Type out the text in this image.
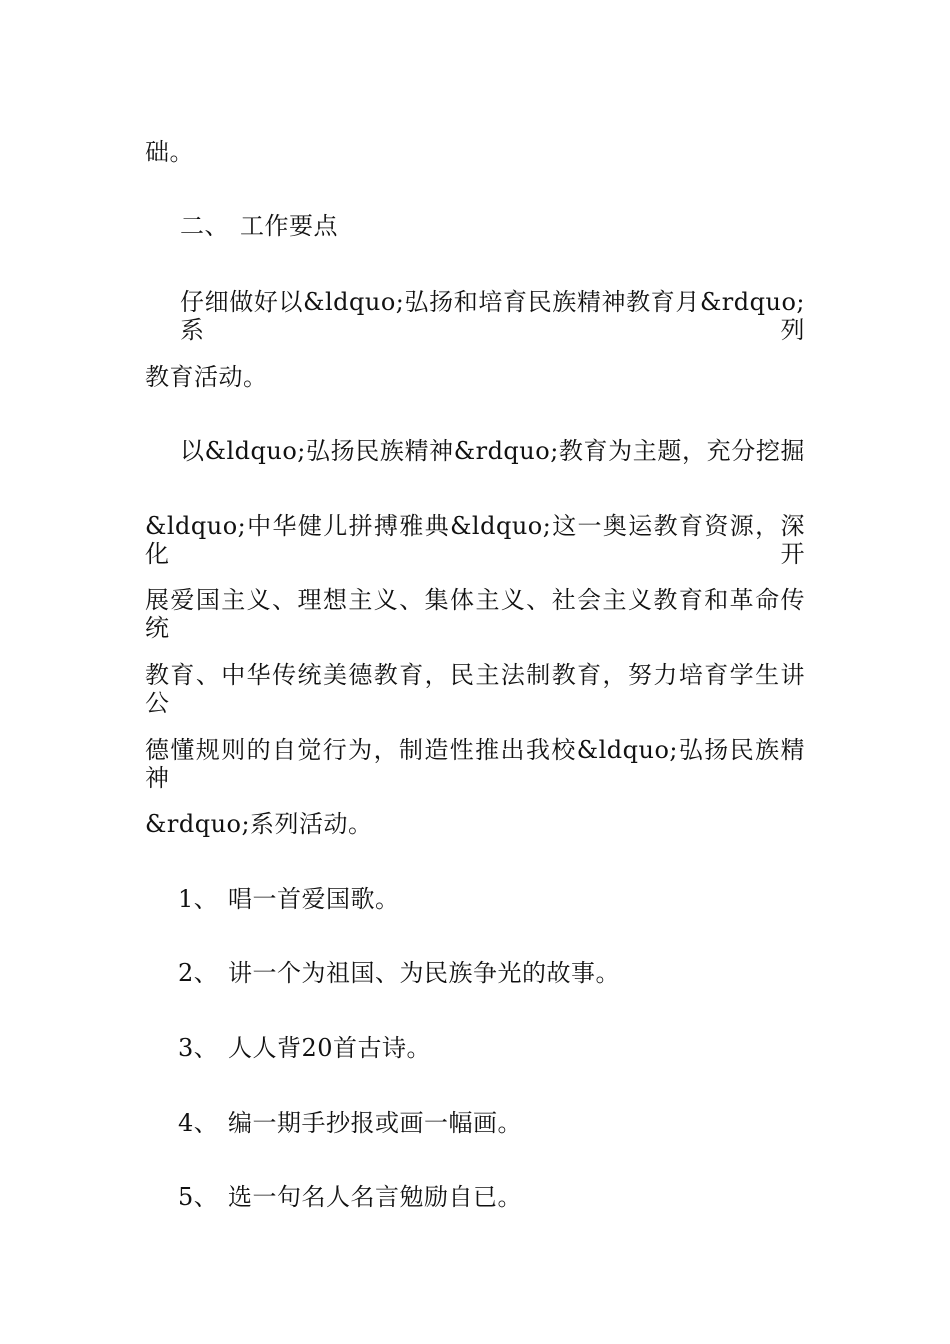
础。
二、 工作要点
仔细做好以&ldquo;弘扬和培育民族精神教育月&rdquo;系列
教育活动。
以&ldquo;弘扬民族精神&rdquo;教育为主题，充分挖掘
&ldquo;中华健儿拼搏雅典&ldquo;这一奥运教育资源，深化开
展爱国主义、理想主义、集体主义、社会主义教育和革命传统
教育、中华传统美德教育，民主法制教育，努力培育学生讲公
德懂规则的自觉行为，制造性推出我校&ldquo;弘扬民族精神
&rdquo;系列活动。
1、 唱一首爱国歌。
2、 讲一个为祖国、为民族争光的故事。
3、 人人背20首古诗。
4、 编一期手抄报或画一幅画。
5、 选一句名人名言勉励自已。
